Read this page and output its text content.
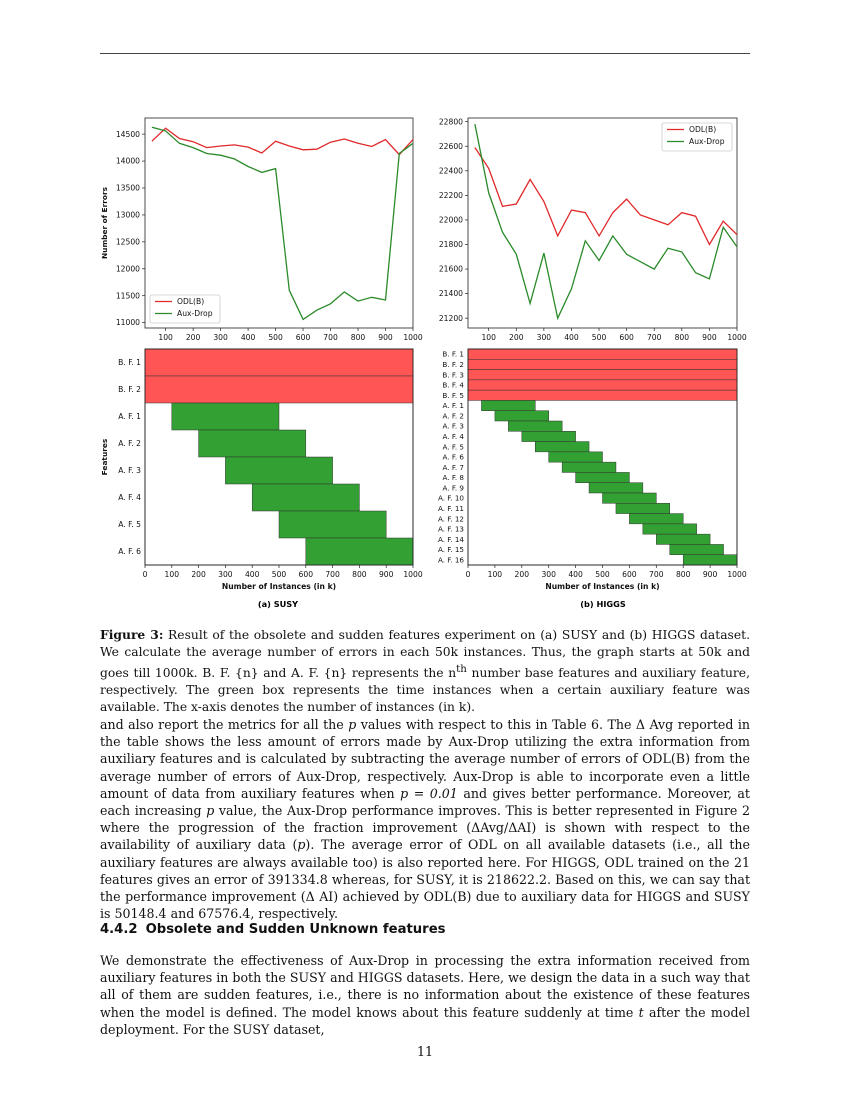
100 200 300 400 500 600 700 800 900 1000
11000
11500
12000
12500
13000
13500
14000
14500
Number of Errors
ODL(B)
Aux-Drop
100 200 300 400 500 600 700 800 900 1000
21200
21400
21600
21800
22000
22200
22400
22600
22800
ODL(B)
Aux-Drop
B. F. 1
B. F. 2
A. F. 1
A. F. 2
A. F. 3
A. F. 4
A. F. 5
A. F. 6
0 100 200 300 400 500 600 700 800 900 1000
Number of Instances (in k)
Features
B. F. 1
B. F. 2
B. F. 3
B. F. 4
B. F. 5
A. F. 1
A. F. 2
A. F. 3
A. F. 4
A. F. 5
A. F. 6
A. F. 7
A. F. 8
A. F. 9
A. F. 10
A. F. 11
A. F. 12
A. F. 13
A. F. 14
A. F. 15
A. F. 16
0 100 200 300 400 500 600 700 800 900 1000
Number of Instances (in k)
(a) SUSY	(b) HIGGS
Figure 3: Result of the obsolete and sudden features experiment on (a) SUSY and (b) HIGGS dataset. We calculate the average number of errors in each 50k instances. Thus, the graph starts at 50k and goes till 1000k. B. F. {n} and A. F. {n} represents the $n^{th}$ number base features and auxiliary feature, respectively. The green box represents the time instances when a certain auxiliary feature was available. The x-axis denotes the number of instances (in k).

and also report the metrics for all the p values with respect to this in Table 6. The Δ Avg reported in the table shows the less amount of errors made by Aux-Drop utilizing the extra information from auxiliary features and is calculated by subtracting the average number of errors of ODL(B) from the average number of errors of Aux-Drop, respectively. Aux-Drop is able to incorporate even a little amount of data from auxiliary features when p = 0.01 and gives better performance. Moreover, at each increasing p value, the Aux-Drop performance improves. This is better represented in Figure 2 where the progression of the fraction improvement (ΔAvg/ΔAI) is shown with respect to the availability of auxiliary data (p). The average error of ODL on all available datasets (i.e., all the auxiliary features are always available too) is also reported here. For HIGGS, ODL trained on the 21 features gives an error of 391334.8 whereas, for SUSY, it is 218622.2. Based on this, we can say that the performance improvement (Δ AI) achieved by ODL(B) due to auxiliary data for HIGGS and SUSY is 50148.4 and 67576.4, respectively.

4.4.2 Obsolete and Sudden Unknown features

We demonstrate the effectiveness of Aux-Drop in processing the extra information received from auxiliary features in both the SUSY and HIGGS datasets. Here, we design the data in a such way that all of them are sudden features, i.e., there is no information about the existence of these features when the model is defined. The model knows about this feature suddenly at time t after the model deployment. For the SUSY dataset,

11
